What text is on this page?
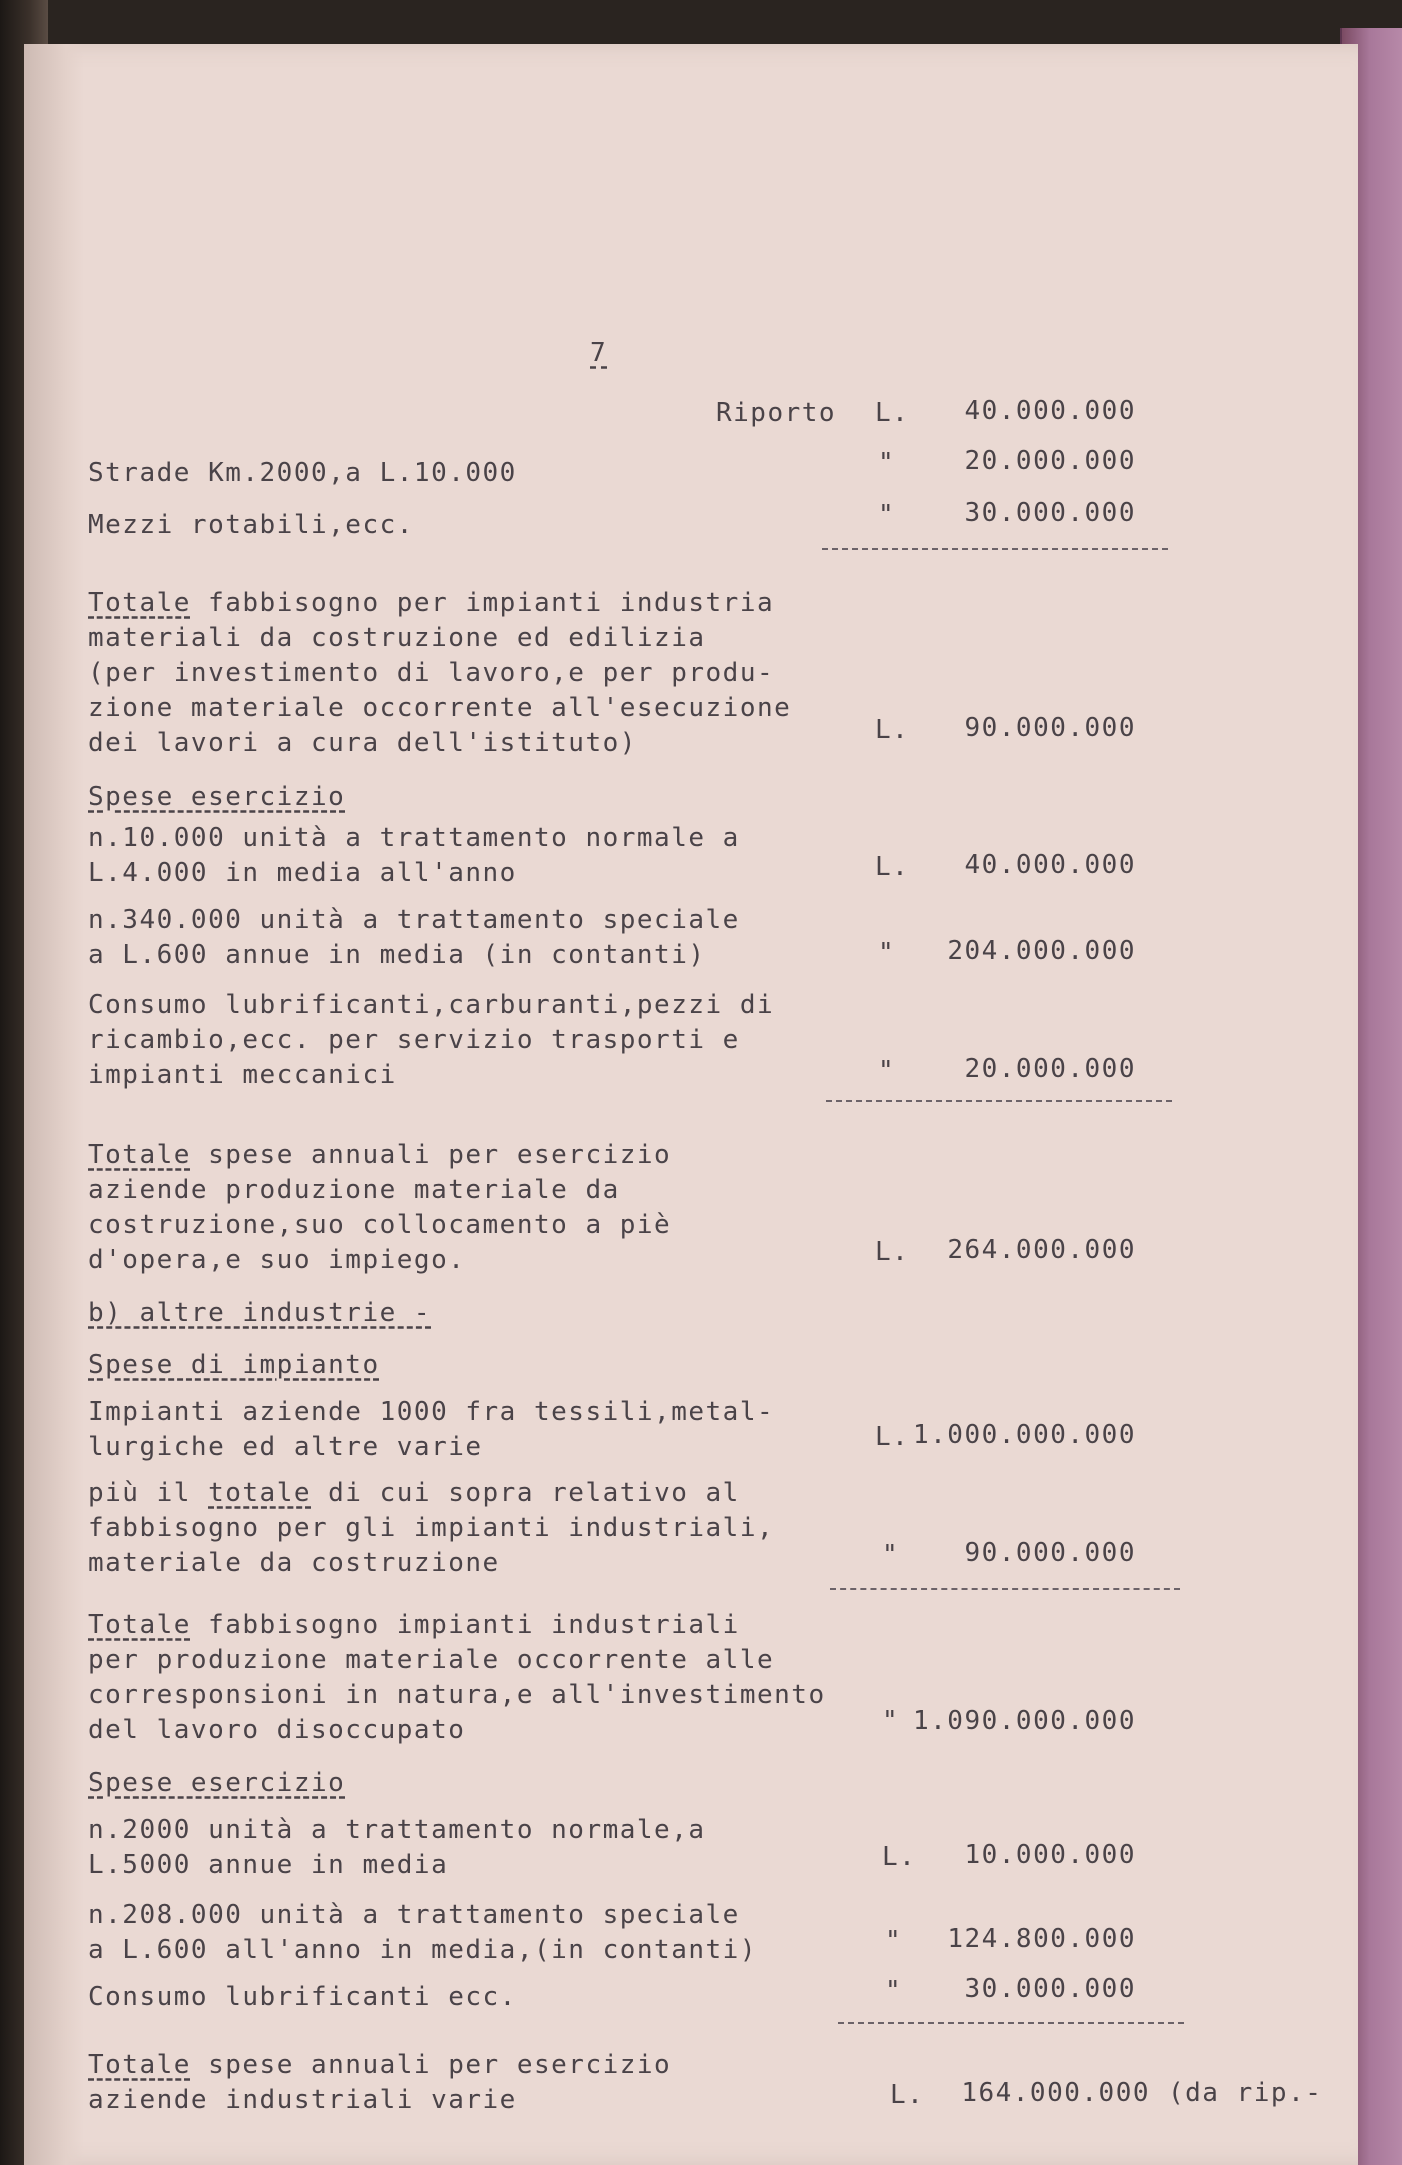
7
Riporto L.	40.000.000
Strade Km.2000,a L.10.000	"	20.000.000
Mezzi rotabili,ecc.	"	30.000.000
Totale fabbisogno per impianti industria
materiali da costruzione ed edilizia
(per investimento di lavoro,e per produ-
zione materiale occorrente all'esecuzione
dei lavori a cura dell'istituto)	L.	90.000.000
Spese esercizio
n.10.000 unità a trattamento normale a
L.4.000 in media all'anno	L.	40.000.000
n.340.000 unità a trattamento speciale
a L.600 annue in media (in contanti)	"	204.000.000
Consumo lubrificanti,carburanti,pezzi di
ricambio,ecc. per servizio trasporti e
impianti meccanici	"	20.000.000
Totale spese annuali per esercizio
aziende produzione materiale da
costruzione,suo collocamento a piè
d'opera,e suo impiego.	L.	264.000.000
b) altre industrie -
Spese di impianto
Impianti aziende 1000 fra tessili,metal-
lurgiche ed altre varie	L. 1.000.000.000
più il totale di cui sopra relativo al
fabbisogno per gli impianti industriali,
materiale da costruzione	"	90.000.000
Totale fabbisogno impianti industriali
per produzione materiale occorrente alle
corresponsioni in natura,e all'investimento
del lavoro disoccupato	" 1.090.000.000
Spese esercizio
n.2000 unità a trattamento normale,a
L.5000 annue in media	L.	10.000.000
n.208.000 unità a trattamento speciale
a L.600 all'anno in media,(in contanti)	"	124.800.000
Consumo lubrificanti ecc.	"	30.000.000
Totale spese annuali per esercizio
aziende industriali varie	L.	164.000.000 (da rip.-
